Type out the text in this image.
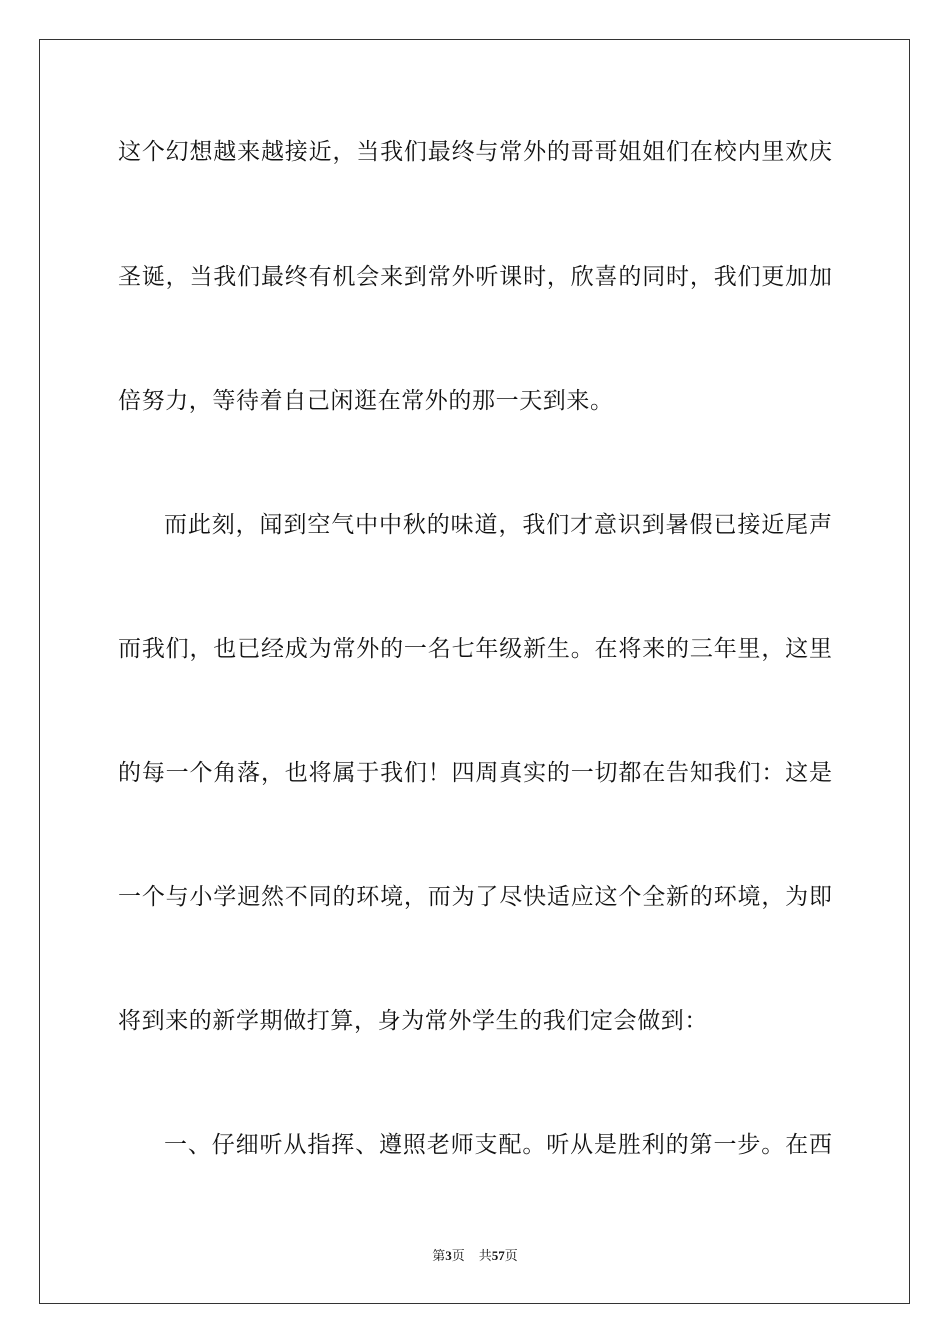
这个幻想越来越接近，当我们最终与常外的哥哥姐姐们在校内里欢庆
圣诞，当我们最终有机会来到常外听课时，欣喜的同时，我们更加加
倍努力，等待着自己闲逛在常外的那一天到来。
而此刻，闻到空气中中秋的味道，我们才意识到暑假已接近尾声
而我们，也已经成为常外的一名七年级新生。在将来的三年里，这里
的每一个角落，也将属于我们！四周真实的一切都在告知我们：这是
一个与小学迥然不同的环境，而为了尽快适应这个全新的环境，为即
将到来的新学期做打算，身为常外学生的我们定会做到：
一、仔细听从指挥、遵照老师支配。听从是胜利的第一步。在西
第3页 共57页
